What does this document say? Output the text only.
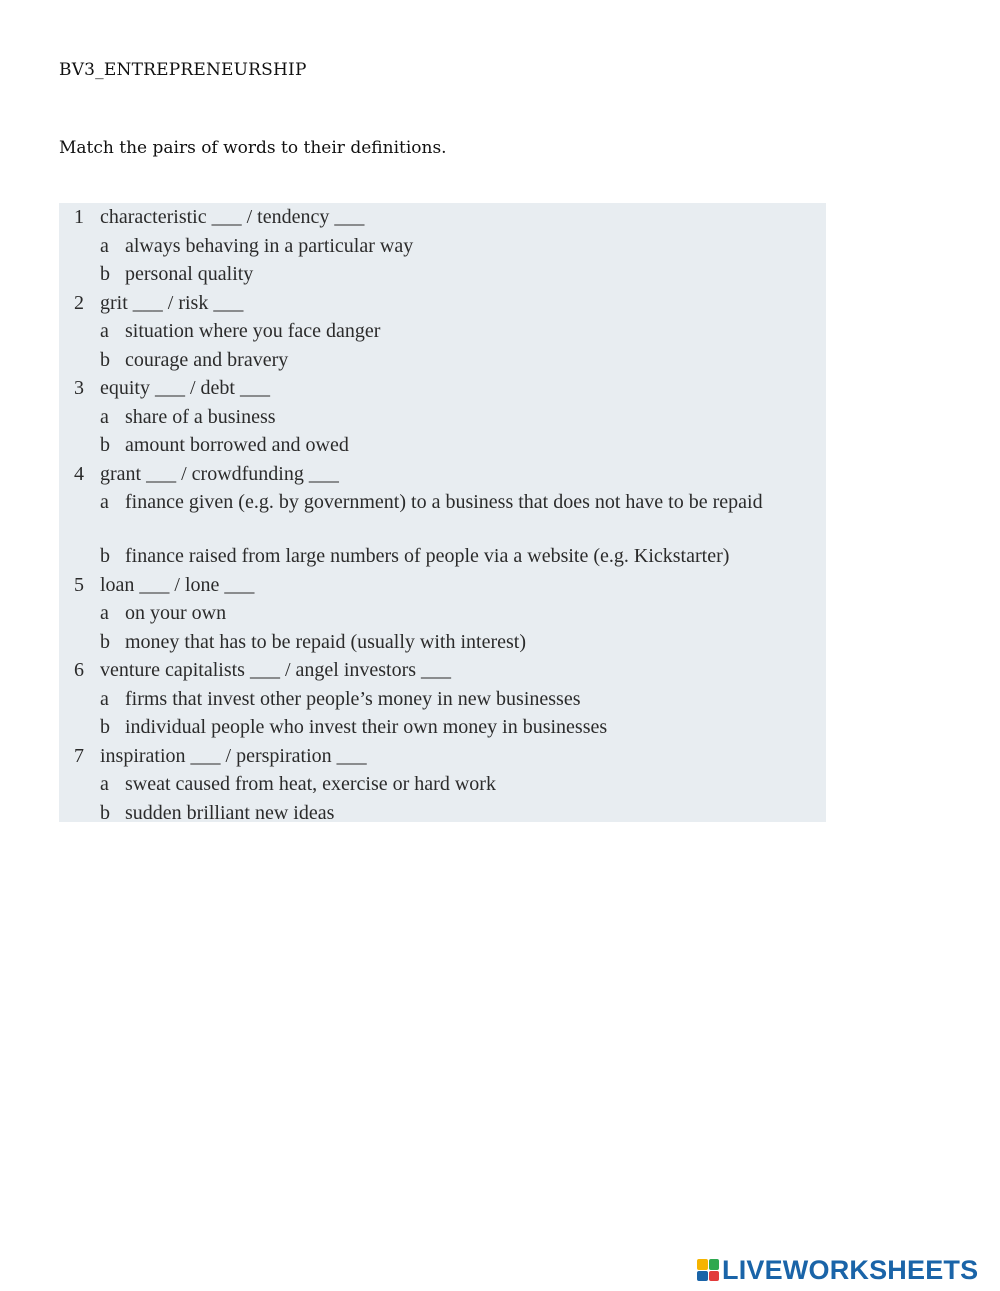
BV3_ENTREPRENEURSHIP
Match the pairs of words to their definitions.
1 characteristic ___ / tendency ___
a always behaving in a particular way
b personal quality
2 grit ___ / risk ___
a situation where you face danger
b courage and bravery
3 equity ___ / debt ___
a share of a business
b amount borrowed and owed
4 grant ___ / crowdfunding ___
a finance given (e.g. by government) to a business that does not have to be repaid
b finance raised from large numbers of people via a website (e.g. Kickstarter)
5 loan ___ / lone ___
a on your own
b money that has to be repaid (usually with interest)
6 venture capitalists ___ / angel investors ___
a firms that invest other people’s money in new businesses
b individual people who invest their own money in businesses
7 inspiration ___ / perspiration ___
a sweat caused from heat, exercise or hard work
b sudden brilliant new ideas
LIVEWORKSHEETS
